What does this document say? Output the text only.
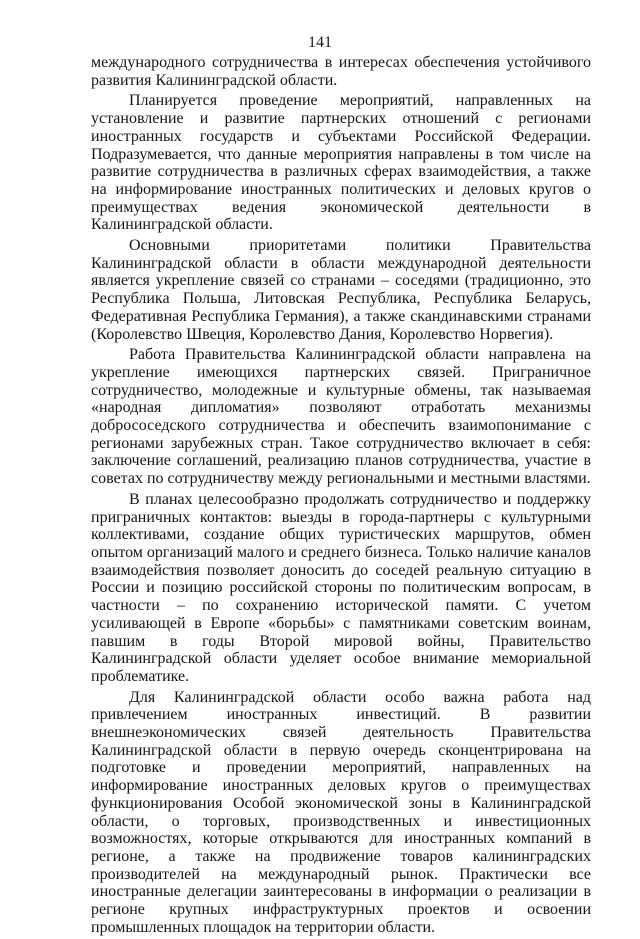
141

международного сотрудничества в интересах обеспечения устойчивого развития Калининградской области.

Планируется проведение мероприятий, направленных на установление и развитие партнерских отношений с регионами иностранных государств и субъектами Российской Федерации. Подразумевается, что данные мероприятия направлены в том числе на развитие сотрудничества в различных сферах взаимодействия, а также на информирование иностранных политических и деловых кругов о преимуществах ведения экономической деятельности в Калининградской области.

Основными приоритетами политики Правительства Калининградской области в области международной деятельности является укрепление связей со странами – соседями (традиционно, это Республика Польша, Литовская Республика, Республика Беларусь, Федеративная Республика Германия), а также скандинавскими странами (Королевство Швеция, Королевство Дания, Королевство Норвегия).

Работа Правительства Калининградской области направлена на укрепление имеющихся партнерских связей. Приграничное сотрудничество, молодежные и культурные обмены, так называемая «народная дипломатия» позволяют отработать механизмы добрососедского сотрудничества и обеспечить взаимопонимание с регионами зарубежных стран. Такое сотрудничество включает в себя: заключение соглашений, реализацию планов сотрудничества, участие в советах по сотрудничеству между региональными и местными властями.

В планах целесообразно продолжать сотрудничество и поддержку приграничных контактов: выезды в города-партнеры с культурными коллективами, создание общих туристических маршрутов, обмен опытом организаций малого и среднего бизнеса. Только наличие каналов взаимодействия позволяет доносить до соседей реальную ситуацию в России и позицию российской стороны по политическим вопросам, в частности – по сохранению исторической памяти. С учетом усиливающей в Европе «борьбы» с памятниками советским воинам, павшим в годы Второй мировой войны, Правительство Калининградской области уделяет особое внимание мемориальной проблематике.

Для Калининградской области особо важна работа над привлечением иностранных инвестиций. В развитии внешнеэкономических связей деятельность Правительства Калининградской области в первую очередь сконцентрирована на подготовке и проведении мероприятий, направленных на информирование иностранных деловых кругов о преимуществах функционирования Особой экономической зоны в Калининградской области, о торговых, производственных и инвестиционных возможностях, которые открываются для иностранных компаний в регионе, а также на продвижение товаров калининградских производителей на международный рынок. Практически все иностранные делегации заинтересованы в информации о реализации в регионе крупных инфраструктурных проектов и освоении промышленных площадок на территории области.
